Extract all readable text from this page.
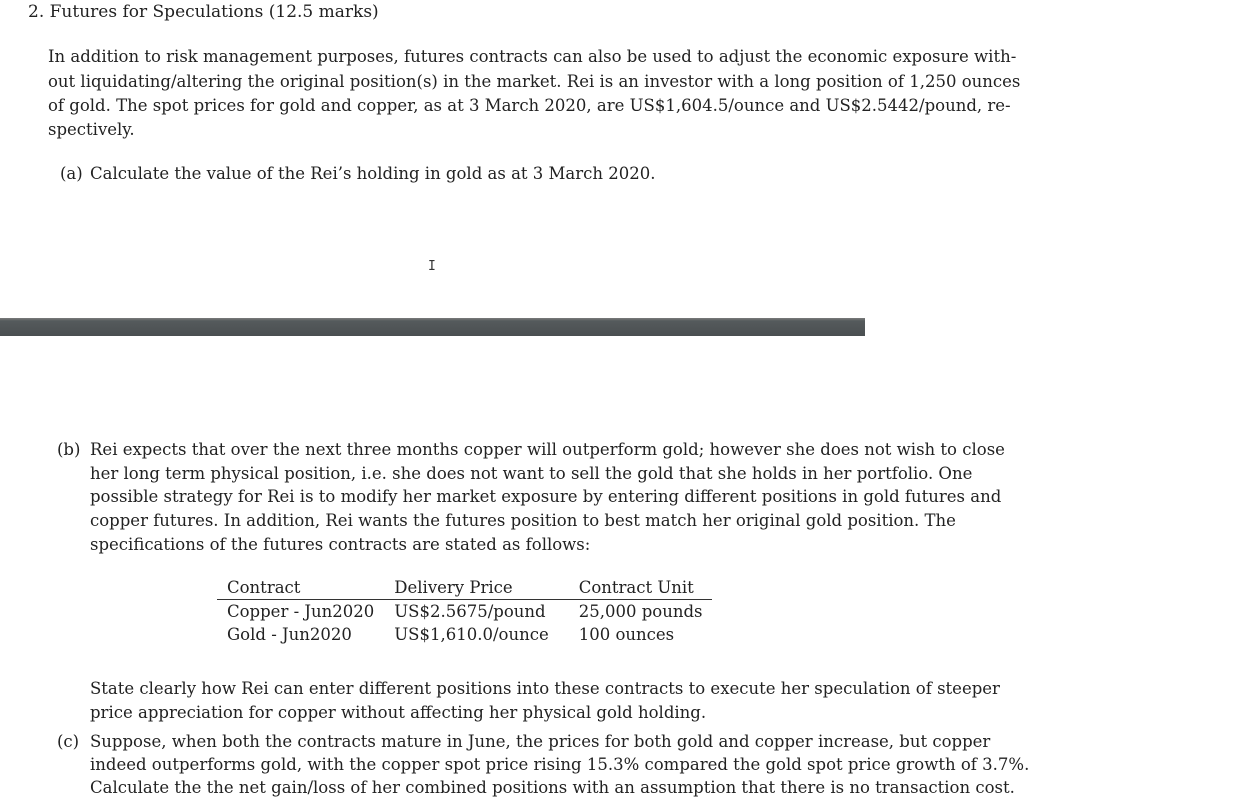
2. Futures for Speculations (12.5 marks)
In addition to risk management purposes, futures contracts can also be used to adjust the economic exposure with-
out liquidating/altering the original position(s) in the market. Rei is an investor with a long position of 1,250 ounces
of gold. The spot prices for gold and copper, as at 3 March 2020, are US$1,604.5/ounce and US$2.5442/pound, re-
spectively.
(a) Calculate the value of the Rei’s holding in gold as at 3 March 2020.
I
(b) Rei expects that over the next three months copper will outperform gold; however she does not wish to close
her long term physical position, i.e. she does not want to sell the gold that she holds in her portfolio. One
possible strategy for Rei is to modify her market exposure by entering different positions in gold futures and
copper futures. In addition, Rei wants the futures position to best match her original gold position. The
specifications of the futures contracts are stated as follows:
Contract	Delivery Price	Contract Unit
Copper - Jun2020	US$2.5675/pound	25,000 pounds
Gold - Jun2020	US$1,610.0/ounce	100 ounces
State clearly how Rei can enter different positions into these contracts to execute her speculation of steeper
price appreciation for copper without affecting her physical gold holding.
(c) Suppose, when both the contracts mature in June, the prices for both gold and copper increase, but copper
indeed outperforms gold, with the copper spot price rising 15.3% compared the gold spot price growth of 3.7%.
Calculate the the net gain/loss of her combined positions with an assumption that there is no transaction cost.
